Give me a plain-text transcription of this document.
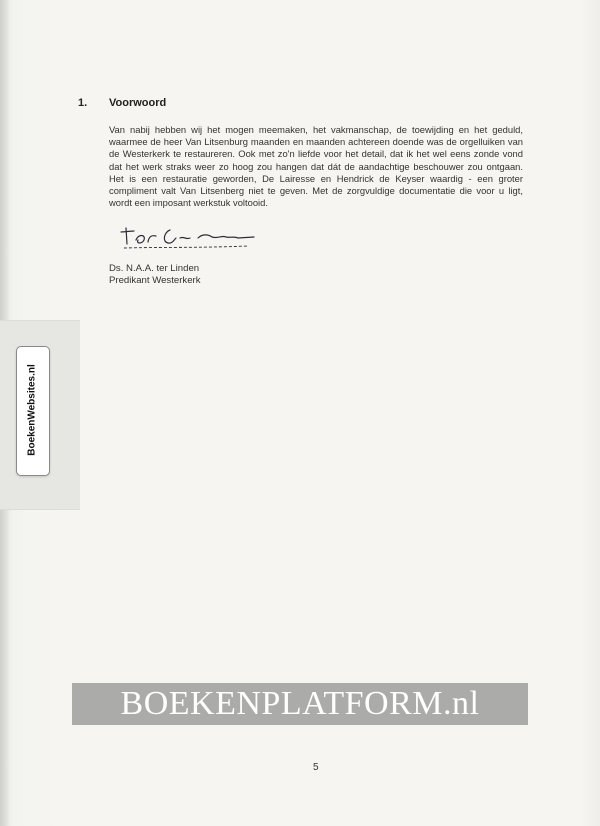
BoekenWebsites.nl
1. Voorwoord
Van nabij hebben wij het mogen meemaken, het vakmanschap, de toewijding en het geduld, waarmee de heer Van Litsenburg maanden en maanden achtereen doende was de orgelluiken van de Westerkerk te restaureren. Ook met zo'n liefde voor het detail, dat ik het wel eens zonde vond dat het werk straks weer zo hoog zou hangen dat dát de aandachtige beschouwer zou ontgaan. Het is een restauratie geworden, De Lairesse en Hendrick de Keyser waardig - een groter compliment valt Van Litsenberg niet te geven. Met de zorgvuldige documentatie die voor u ligt, wordt een imposant werkstuk voltooid.
Ds. N.A.A. ter Linden
Predikant Westerkerk
BOEKENPLATFORM.nl
5
